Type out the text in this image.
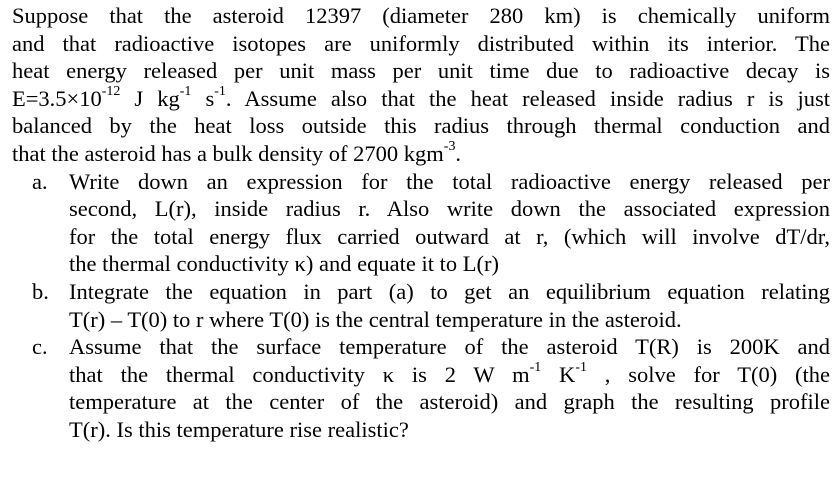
Suppose that the asteroid 12397 (diameter 280 km) is chemically uniform
and that radioactive isotopes are uniformly distributed within its interior. The
heat energy released per unit mass per unit time due to radioactive decay is
$E=3.5\times 10^{-12}$ J $kg^{-1}$ $s^{-1}$. Assume also that the heat released inside radius r is just
balanced by the heat loss outside this radius through thermal conduction and
that the asteroid has a bulk density of 2700 kgm$^{-3}$.

a. Write down an expression for the total radioactive energy released per
second, L(r), inside radius r. Also write down the associated expression
for the total energy flux carried outward at r, (which will involve dT/dr,
the thermal conductivity κ) and equate it to L(r)
b. Integrate the equation in part (a) to get an equilibrium equation relating
T(r) – T(0) to r where T(0) is the central temperature in the asteroid.
c. Assume that the surface temperature of the asteroid T(R) is 200K and
that the thermal conductivity κ is 2 W $m^{-1}$ $K^{-1}$ , solve for T(0) (the
temperature at the center of the asteroid) and graph the resulting profile
T(r). Is this temperature rise realistic?
